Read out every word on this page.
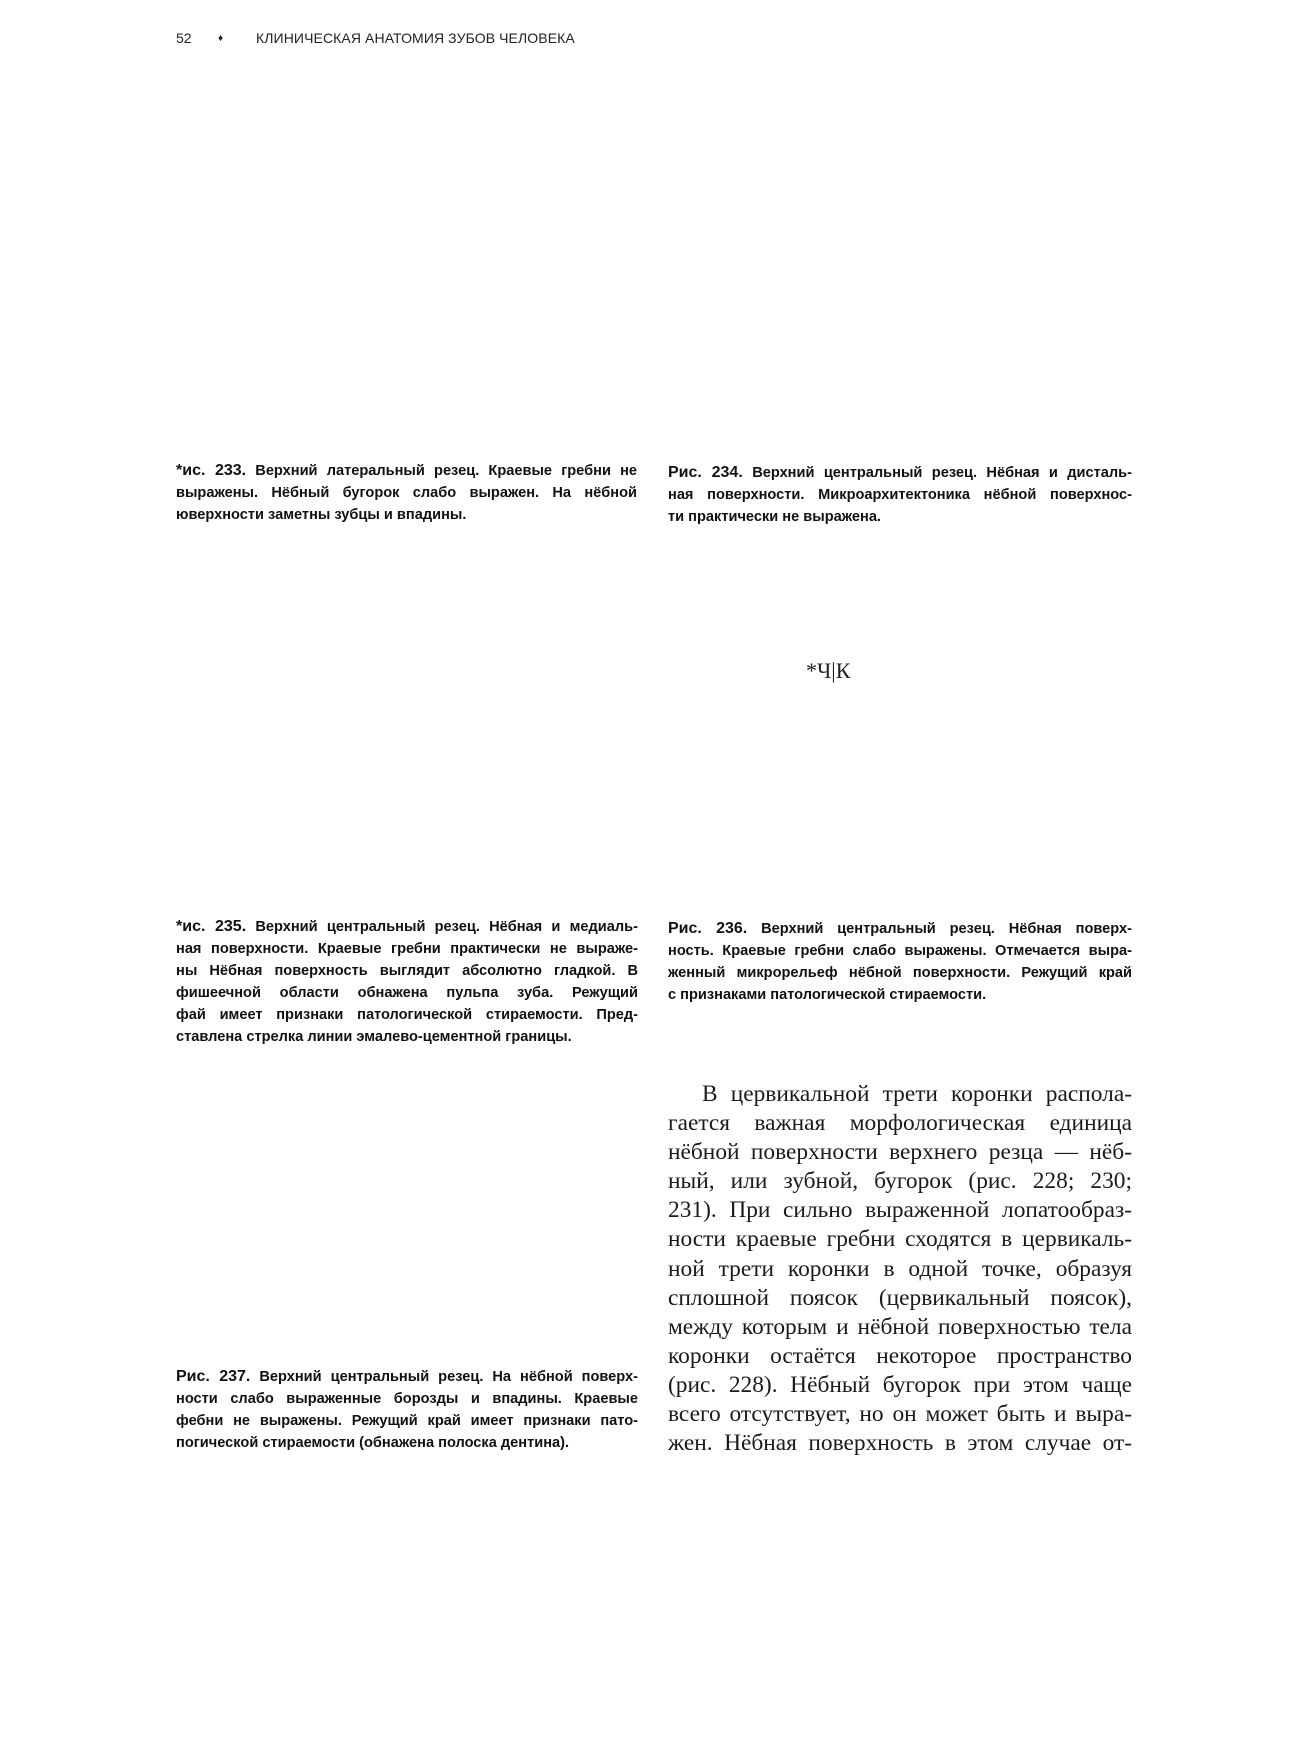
52	♦	КЛИНИЧЕСКАЯ АНАТОМИЯ ЗУБОВ ЧЕЛОВЕКА
*ис. 233. Верхний латеральный резец. Краевые гребни не
выражены. Нёбный бугорок слабо выражен. На нёбной
юверхности заметны зубцы и впадины.
Рис. 234. Верхний центральный резец. Нёбная и дисталь-
ная поверхности. Микроархитектоника нёбной поверхнос-
ти практически не выражена.
*Ч|К
*ис. 235. Верхний центральный резец. Нёбная и медиаль-
ная поверхности. Краевые гребни практически не выраже-
ны Нёбная поверхность выглядит абсолютно гладкой. В
фишеечной области обнажена пульпа зуба. Режущий
фай имеет признаки патологической стираемости. Пред-
ставлена стрелка линии эмалево-цементной границы.
Рис. 236. Верхний центральный резец. Нёбная поверх-
ность. Краевые гребни слабо выражены. Отмечается выра-
женный микрорельеф нёбной поверхности. Режущий край
с признаками патологической стираемости.
В цервикальной трети коронки распола-
гается важная морфологическая единица
нёбной поверхности верхнего резца — нёб-
ный, или зубной, бугорок (рис. 228; 230;
231). При сильно выраженной лопатообраз-
ности краевые гребни сходятся в цервикаль-
ной трети коронки в одной точке, образуя
сплошной поясок (цервикальный поясок),
между которым и нёбной поверхностью тела
коронки остаётся некоторое пространство
(рис. 228). Нёбный бугорок при этом чаще
всего отсутствует, но он может быть и выра-
жен. Нёбная поверхность в этом случае от-
Рис. 237. Верхний центральный резец. На нёбной поверх-
ности слабо выраженные борозды и впадины. Краевые
фебни не выражены. Режущий край имеет признаки пато-
погической стираемости (обнажена полоска дентина).
